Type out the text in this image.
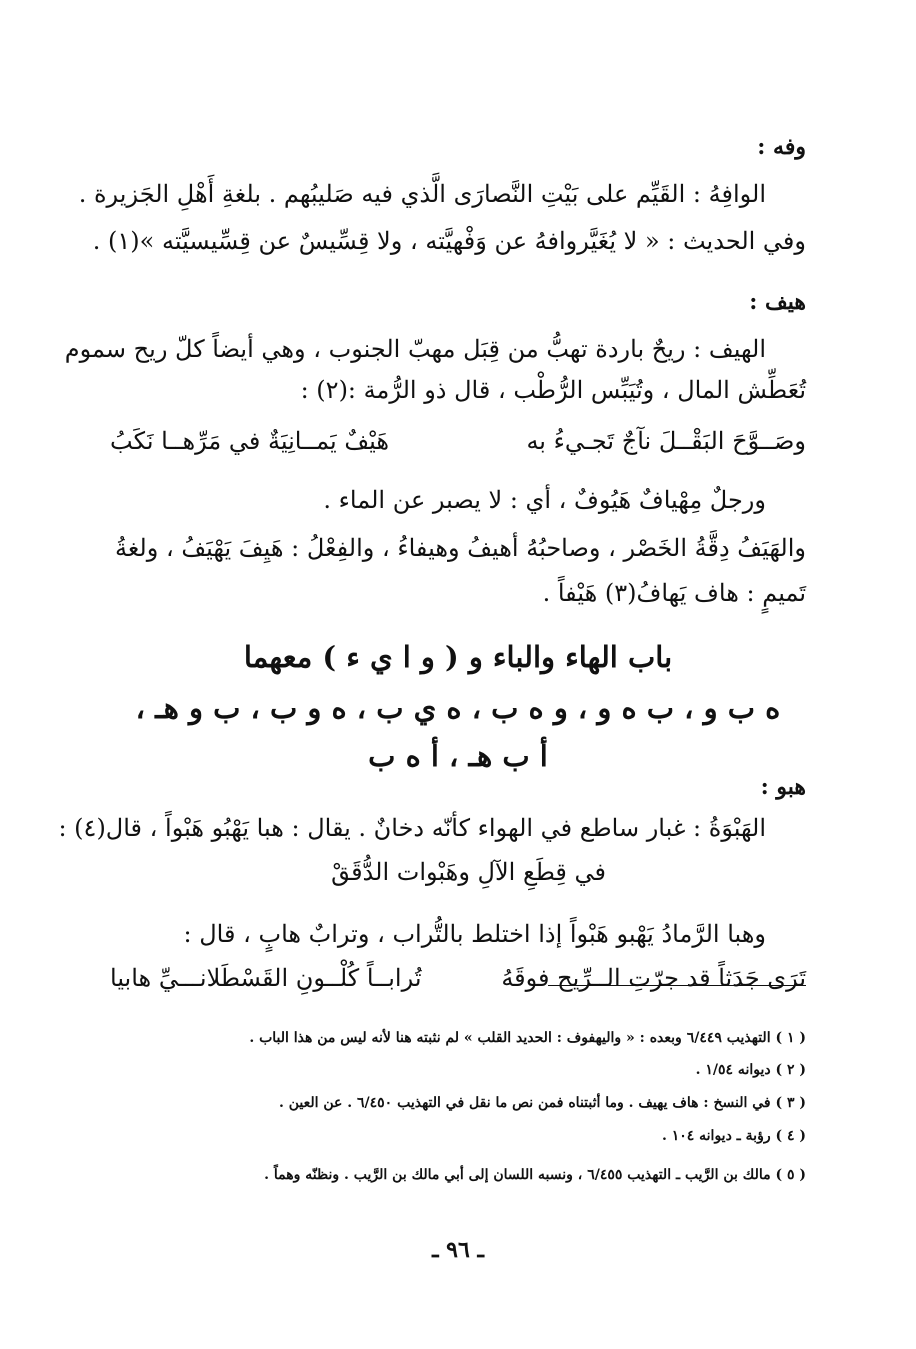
وفه :
الوافِهُ : القَيِّم على بَيْتِ النَّصارَى الَّذي فيه صَليبُهم . بلغةِ أَهْلِ الجَزيرة .
وفي الحديث : « لا يُغَيَّروافهُ عن وَفْهيَّته ، ولا قِسِّيسٌ عن قِسِّيسيَّته »(١) .
هيف :
الهيف : ريحٌ باردة تهبُّ من قِبَل مهبّ الجنوب ، وهي أيضاً كلّ ريح سموم
تُعَطِّش المال ، وتُيَبِّس الرُّطْب ، قال ذو الرُّمة :(٢) :
وصَــوَّحَ البَقْــلَ نآجٌ تَجـيءُ به
هَيْفٌ يَمــانِيَةٌ في مَرِّهــا نَكَبُ
ورجلٌ مِهْيافٌ هَيُوفٌ ، أي : لا يصبر عن الماء .
والهَيَفُ دِقَّةُ الخَصْر ، وصاحبُهُ أهيفُ وهيفاءُ ، والفِعْلُ : هَيِفَ يَهْيَفُ ، ولغةُ
تَميمٍ : هاف يَهافُ(٣) هَيْفاً .
باب الهاء والباء و ( و ا ي ء ) معهما
ه ب و ، ب ه و ، و ه ب ، ه ي ب ، ه و ب ، ب و هـ ،
أ ب هـ ، أ ه ب
هبو :
الهَبْوَةُ : غبار ساطع في الهواء كأنّه دخانٌ . يقال : هبا يَهْبُو هَبْواً ، قال(٤) :
في قِطَعِ الآلِ وهَبْوات الدُّقَقْ
وهبا الرَّمادُ يَهْبو هَبْواً إذا اختلط بالتُّراب ، وترابٌ هابٍ ، قال :
تَرَى جَدَثاً قد جرّتِ الــرِّيح فوقَهُ
تُرابــاً كُلْــونِ القَسْطَلانـــيِّ هابيا
( ١ ) التهذيب ٦/٤٤٩ وبعده : « واليهفوف : الحديد القلب » لم نثبته هنا لأنه ليس من هذا الباب .
( ٢ ) ديوانه ١/٥٤ .
( ٣ ) في النسخ : هاف يهيف . وما أثبتناه فمن نص ما نقل في التهذيب ٦/٤٥٠ . عن العين .
( ٤ ) رؤبة ـ ديوانه ١٠٤ .
( ٥ ) مالك بن الرَّيب ـ التهذيب ٦/٤٥٥ ، ونسبه اللسان إلى أبي مالك بن الرَّيب . ونظنّه وهماً .
ـ ٩٦ ـ
